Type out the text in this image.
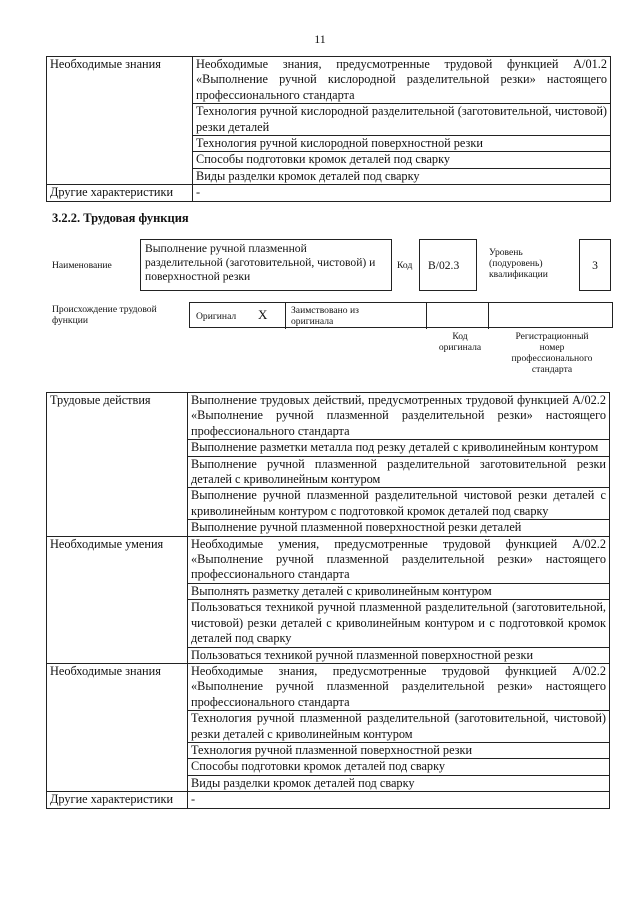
11
Необходимые знания	Необходимые знания, предусмотренные трудовой функцией A/01.2 «Выполнение ручной кислородной разделительной резки» настоящего профессионального стандарта
	Технология ручной кислородной разделительной (заготовительной, чистовой) резки деталей
	Технология ручной кислородной поверхностной резки
	Способы подготовки кромок деталей под сварку
	Виды разделки кромок деталей под сварку
Другие характеристики	-
3.2.2. Трудовая функция
Наименование
Выполнение ручной плазменной разделительной (заготовительной, чистовой) и поверхностной резки
Код	B/02.3
Уровень (подуровень) квалификации
3
Происхождение трудовой функции	Оригинал X Заимствовано из оригинала
Код оригинала
Регистрационный номер профессионального стандарта
Трудовые действия	Выполнение трудовых действий, предусмотренных трудовой функцией A/02.2 «Выполнение ручной плазменной разделительной резки» настоящего профессионального стандарта
	Выполнение разметки металла под резку деталей с криволинейным контуром
	Выполнение ручной плазменной разделительной заготовительной резки деталей с криволинейным контуром
	Выполнение ручной плазменной разделительной чистовой резки деталей с криволинейным контуром с подготовкой кромок деталей под сварку
	Выполнение ручной плазменной поверхностной резки деталей
Необходимые умения	Необходимые умения, предусмотренные трудовой функцией A/02.2 «Выполнение ручной плазменной разделительной резки» настоящего профессионального стандарта
	Выполнять разметку деталей с криволинейным контуром
	Пользоваться техникой ручной плазменной разделительной (заготовительной, чистовой) резки деталей с криволинейным контуром и с подготовкой кромок деталей под сварку
	Пользоваться техникой ручной плазменной поверхностной резки
Необходимые знания	Необходимые знания, предусмотренные трудовой функцией A/02.2 «Выполнение ручной плазменной разделительной резки» настоящего профессионального стандарта
	Технология ручной плазменной разделительной (заготовительной, чистовой) резки деталей с криволинейным контуром
	Технология ручной плазменной поверхностной резки
	Способы подготовки кромок деталей под сварку
	Виды разделки кромок деталей под сварку
Другие характеристики	-
